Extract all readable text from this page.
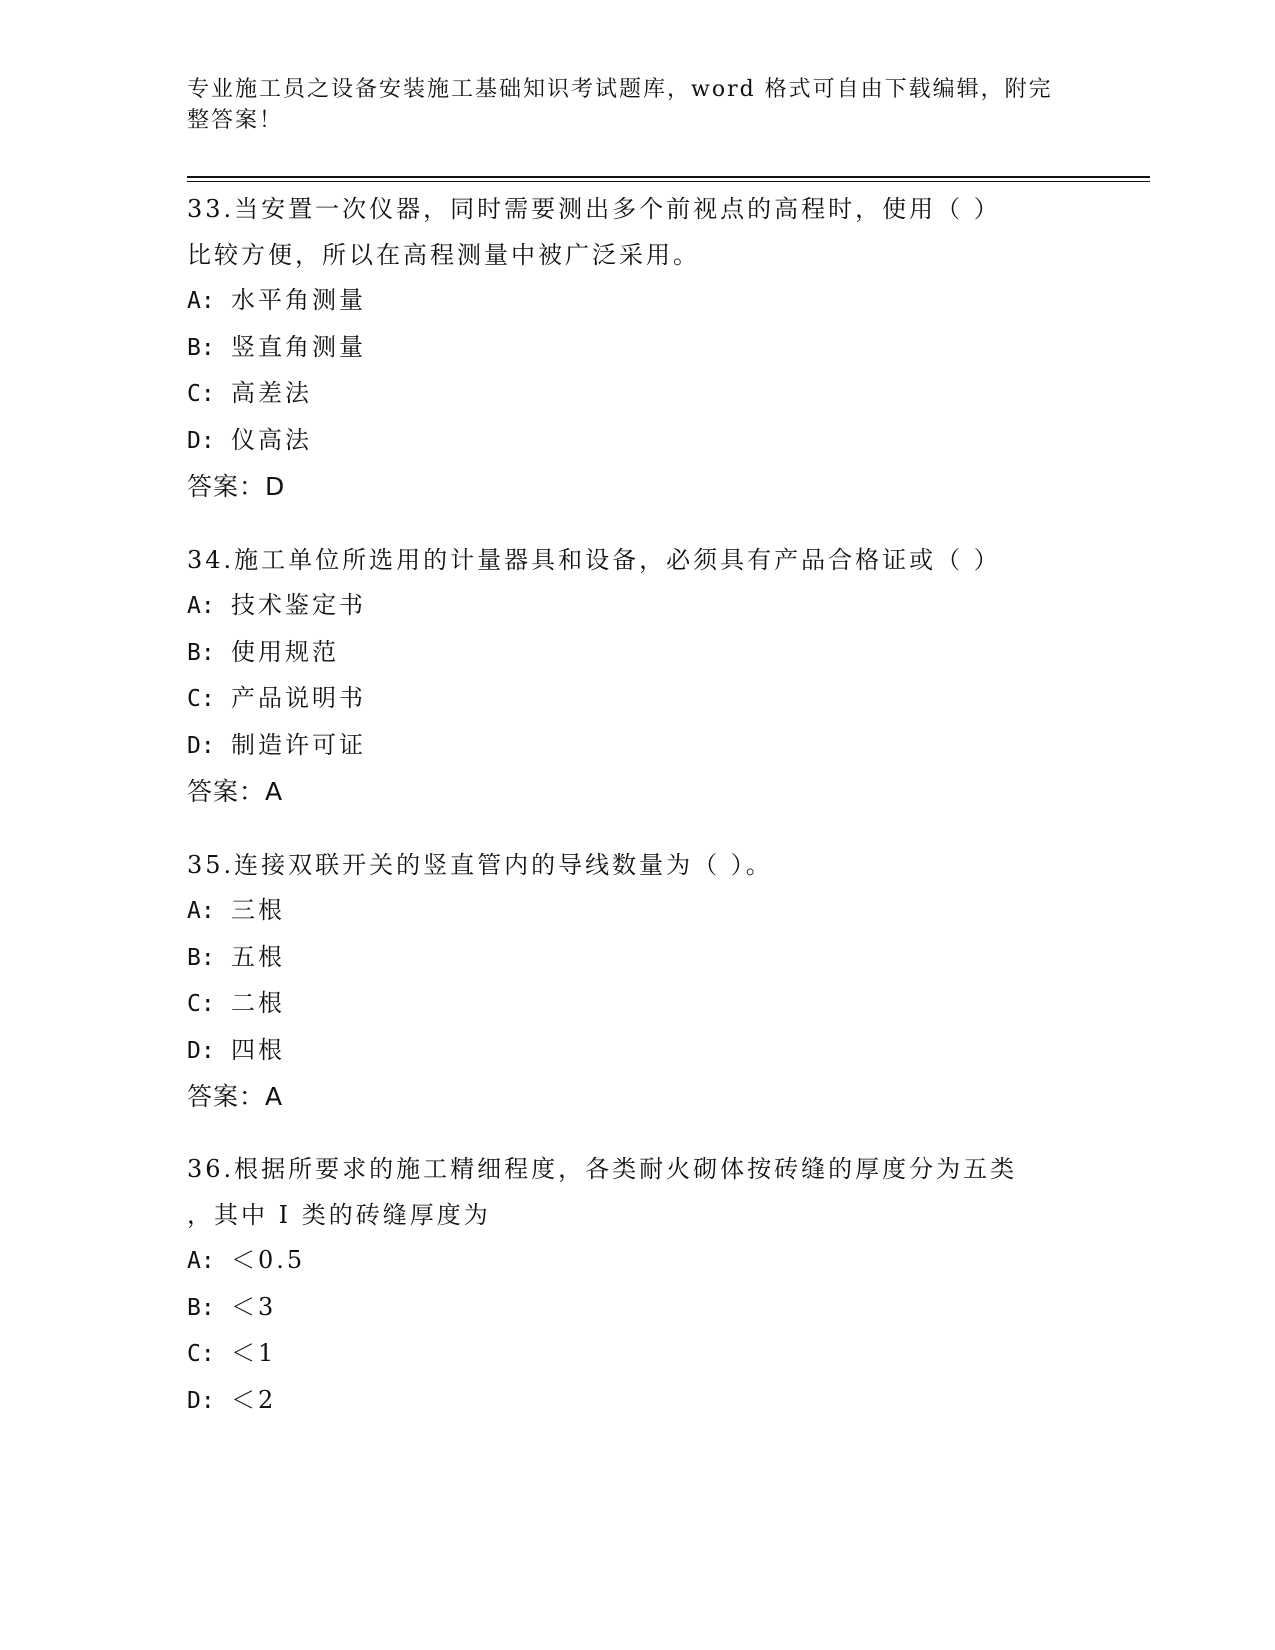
专业施工员之设备安装施工基础知识考试题库，word 格式可自由下载编辑，附完
整答案！

33.当安置一次仪器，同时需要测出多个前视点的高程时，使用（ ）

比较方便，所以在高程测量中被广泛采用。

A: 水平角测量

B: 竖直角测量

C: 高差法

D: 仪高法

答案：D

34.施工单位所选用的计量器具和设备，必须具有产品合格证或（ ）

A: 技术鉴定书

B: 使用规范

C: 产品说明书

D: 制造许可证

答案：A

35.连接双联开关的竖直管内的导线数量为（ ）。

A: 三根

B: 五根

C: 二根

D: 四根

答案：A

36.根据所要求的施工精细程度，各类耐火砌体按砖缝的厚度分为五类

，其中 I 类的砖缝厚度为

A: ＜0.5

B: ＜3

C: ＜1

D: ＜2
